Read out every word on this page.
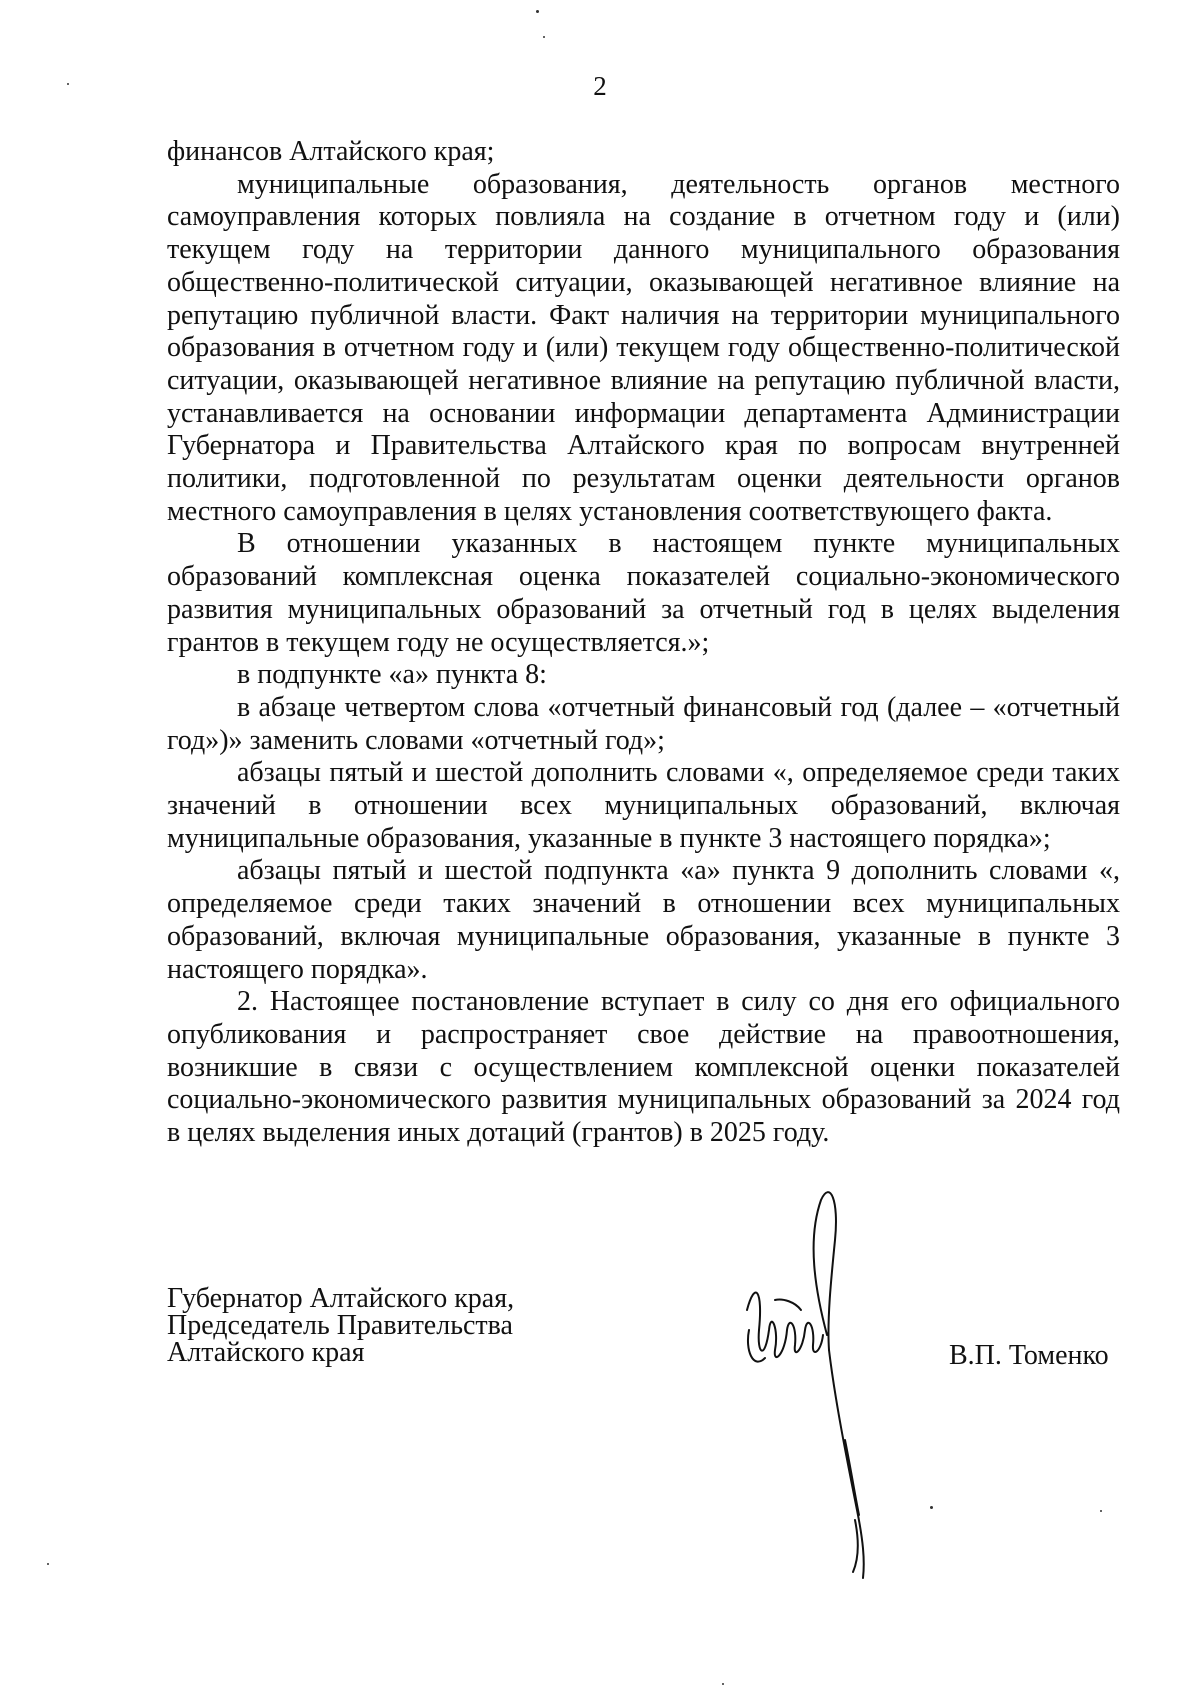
2

финансов Алтайского края;

муниципальные образования, деятельность органов местного самоуправления которых повлияла на создание в отчетном году и (или) текущем году на территории данного муниципального образования общественно-политической ситуации, оказывающей негативное влияние на репутацию публичной власти. Факт наличия на территории муниципального образования в отчетном году и (или) текущем году общественно-политической ситуации, оказывающей негативное влияние на репутацию публичной власти, устанавливается на основании информации департамента Администрации Губернатора и Правительства Алтайского края по вопросам внутренней политики, подготовленной по результатам оценки деятельности органов местного самоуправления в целях установления соответствующего факта.

В отношении указанных в настоящем пункте муниципальных образований комплексная оценка показателей социально-экономического развития муниципальных образований за отчетный год в целях выделения грантов в текущем году не осуществляется.»;

в подпункте «а» пункта 8:

в абзаце четвертом слова «отчетный финансовый год (далее – «отчетный год»)» заменить словами «отчетный год»;

абзацы пятый и шестой дополнить словами «, определяемое среди таких значений в отношении всех муниципальных образований, включая муниципальные образования, указанные в пункте 3 настоящего порядка»;

абзацы пятый и шестой подпункта «а» пункта 9 дополнить словами «, определяемое среди таких значений в отношении всех муниципальных образований, включая муниципальные образования, указанные в пункте 3 настоящего порядка».

2. Настоящее постановление вступает в силу со дня его официального опубликования и распространяет свое действие на правоотношения, возникшие в связи с осуществлением комплексной оценки показателей социально-экономического развития муниципальных образований за 2024 год в целях выделения иных дотаций (грантов) в 2025 году.

Губернатор Алтайского края,
Председатель Правительства
Алтайского края	В.П. Томенко
